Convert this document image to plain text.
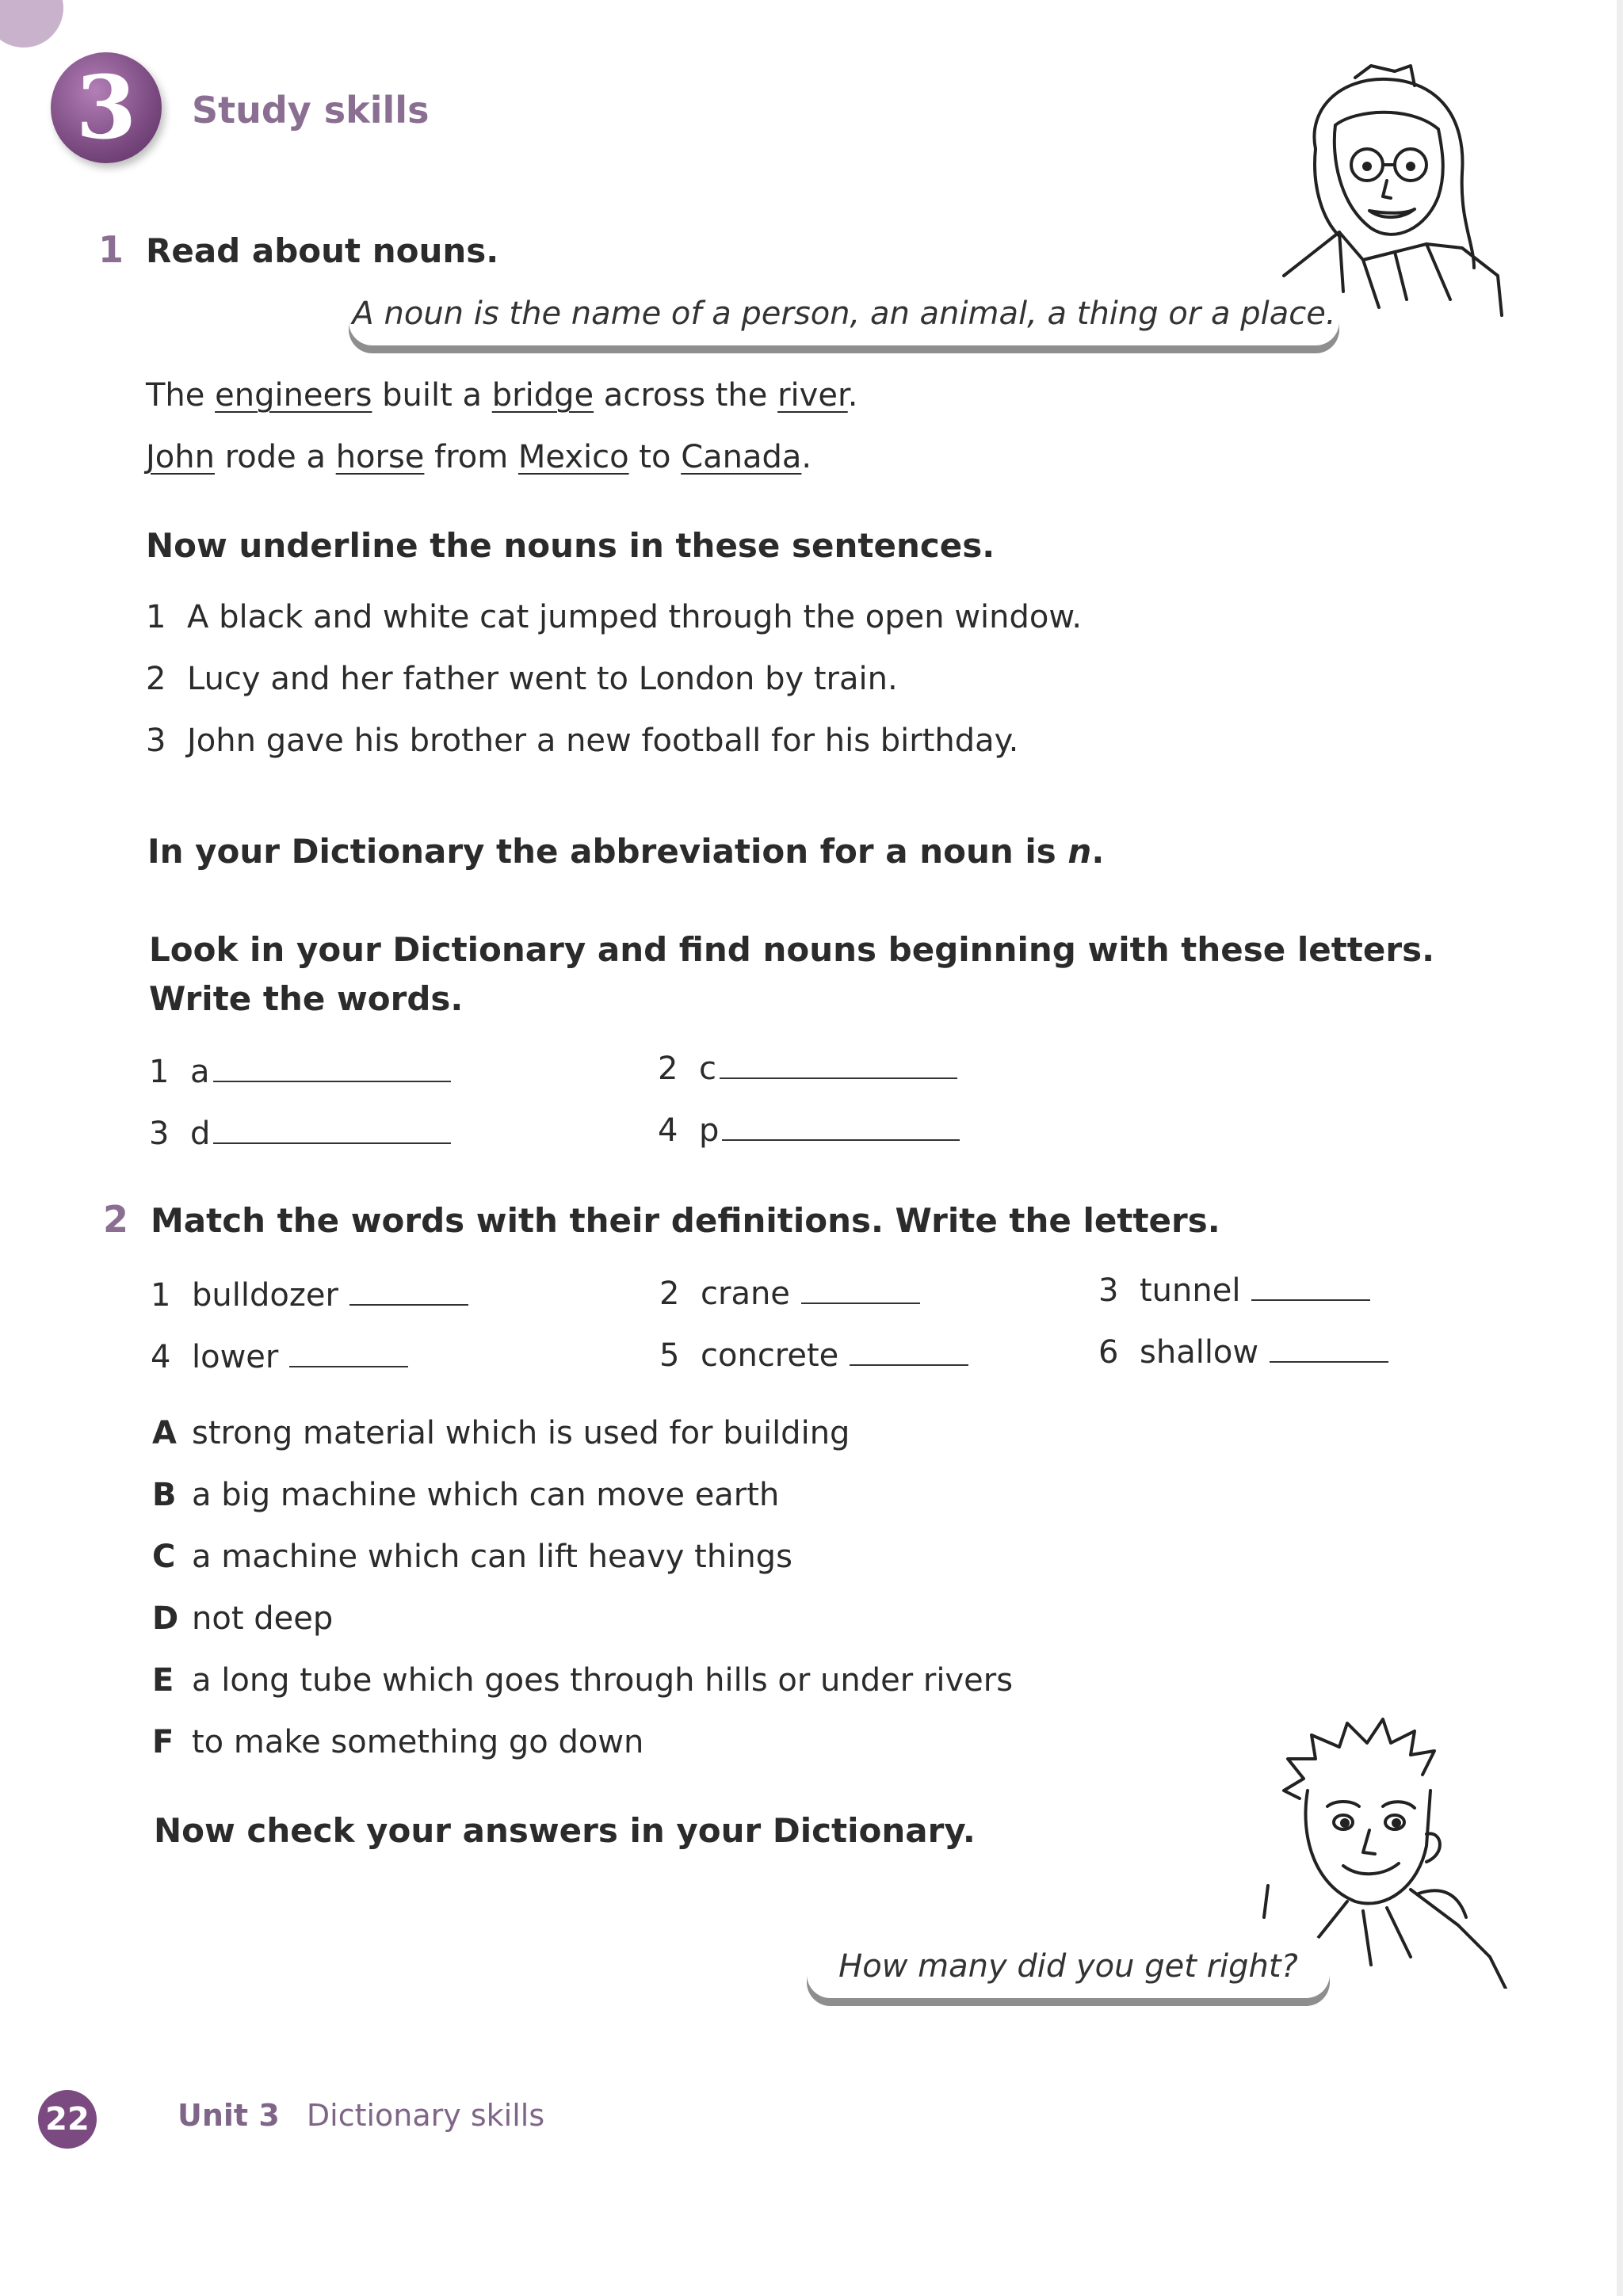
3 Study skills
1 Read about nouns.
A noun is the name of a person, an animal, a thing or a place.
The engineers built a bridge across the river.
John rode a horse from Mexico to Canada.
Now underline the nouns in these sentences.
1 A black and white cat jumped through the open window.
2 Lucy and her father went to London by train.
3 John gave his brother a new football for his birthday.
In your Dictionary the abbreviation for a noun is n.
Look in your Dictionary and find nouns beginning with these letters.
Write the words.
1 a	2 c
3 d	4 p
2 Match the words with their definitions. Write the letters.
1 bulldozer	2 crane	3 tunnel
4 lower	5 concrete	6 shallow
A strong material which is used for building
B a big machine which can move earth
C a machine which can lift heavy things
D not deep
E a long tube which goes through hills or under rivers
F to make something go down
Now check your answers in your Dictionary.
How many did you get right?
22	Unit 3 Dictionary skills
